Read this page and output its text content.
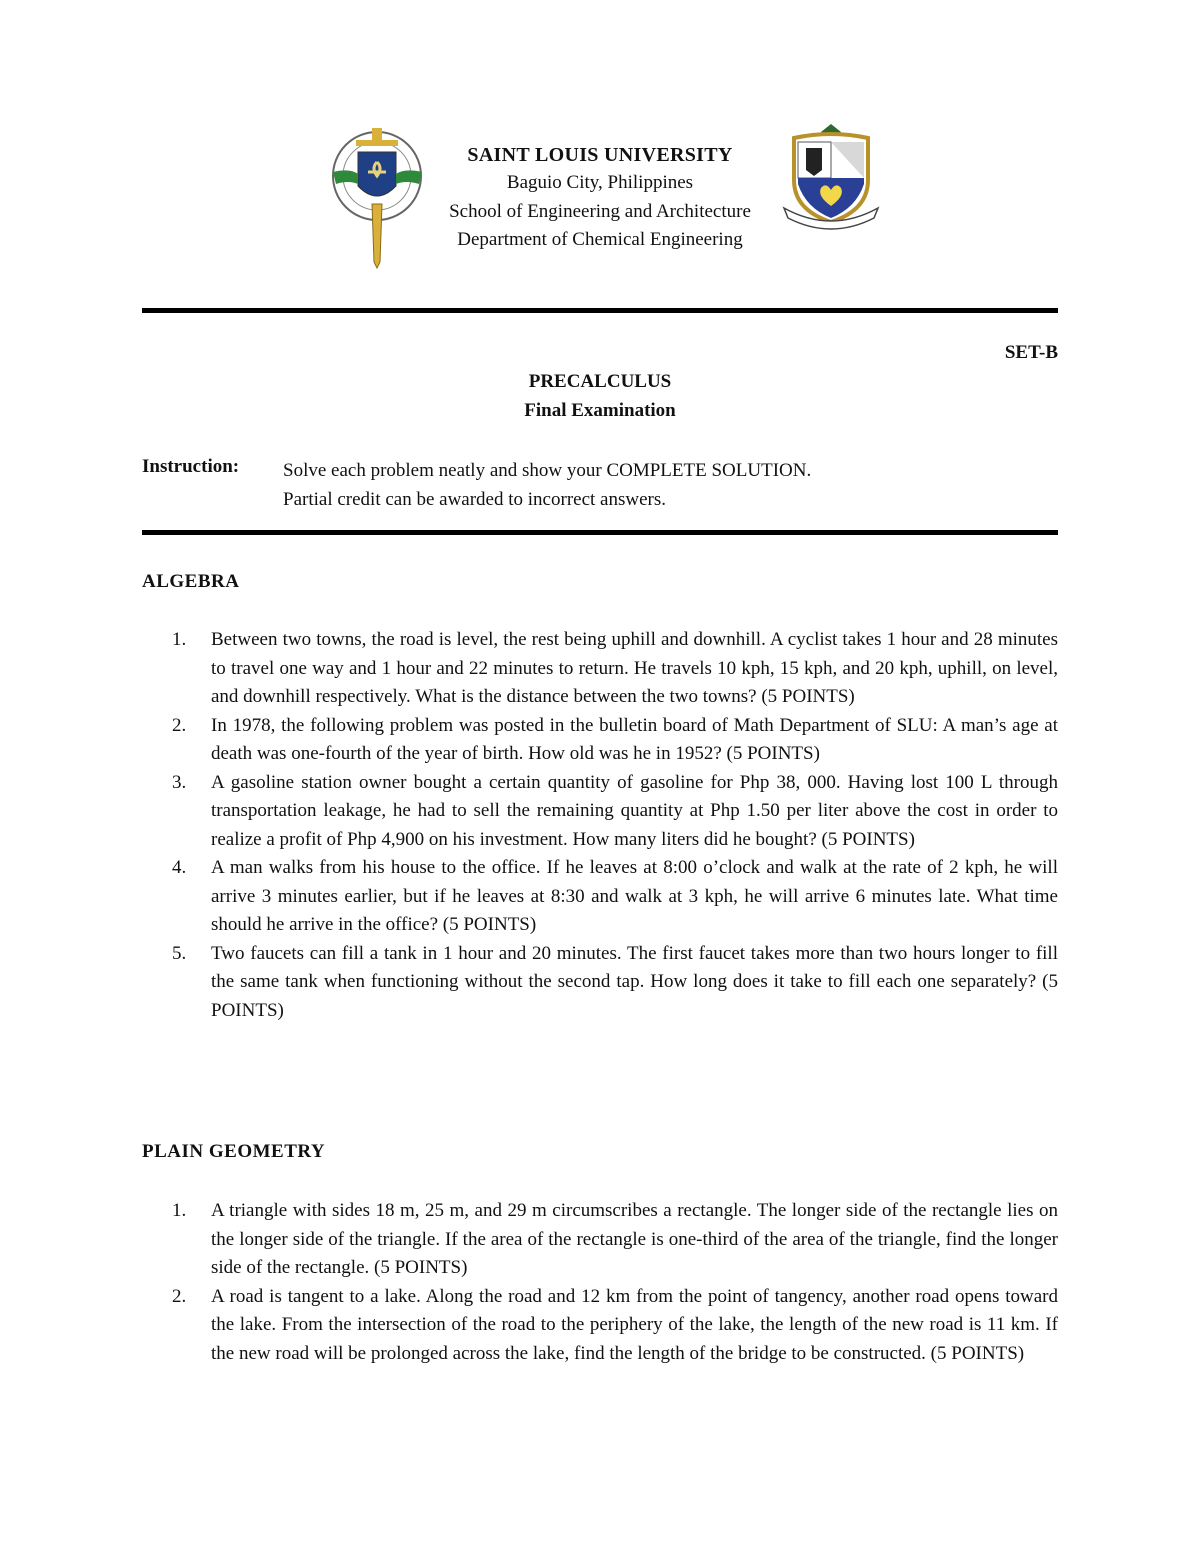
SAINT LOUIS UNIVERSITY
Baguio City, Philippines
School of Engineering and Architecture
Department of Chemical Engineering
SET-B
PRECALCULUS
Final Examination
Instruction: Solve each problem neatly and show your COMPLETE SOLUTION.
Partial credit can be awarded to incorrect answers.
ALGEBRA
1. Between two towns, the road is level, the rest being uphill and downhill. A cyclist takes 1 hour and 28 minutes to travel one way and 1 hour and 22 minutes to return. He travels 10 kph, 15 kph, and 20 kph, uphill, on level, and downhill respectively. What is the distance between the two towns? (5 POINTS)
2. In 1978, the following problem was posted in the bulletin board of Math Department of SLU: A man’s age at death was one-fourth of the year of birth. How old was he in 1952? (5 POINTS)
3. A gasoline station owner bought a certain quantity of gasoline for Php 38, 000. Having lost 100 L through transportation leakage, he had to sell the remaining quantity at Php 1.50 per liter above the cost in order to realize a profit of Php 4,900 on his investment. How many liters did he bought? (5 POINTS)
4. A man walks from his house to the office. If he leaves at 8:00 o’clock and walk at the rate of 2 kph, he will arrive 3 minutes earlier, but if he leaves at 8:30 and walk at 3 kph, he will arrive 6 minutes late. What time should he arrive in the office? (5 POINTS)
5. Two faucets can fill a tank in 1 hour and 20 minutes. The first faucet takes more than two hours longer to fill the same tank when functioning without the second tap. How long does it take to fill each one separately? (5 POINTS)
PLAIN GEOMETRY
1. A triangle with sides 18 m, 25 m, and 29 m circumscribes a rectangle. The longer side of the rectangle lies on the longer side of the triangle. If the area of the rectangle is one-third of the area of the triangle, find the longer side of the rectangle. (5 POINTS)
2. A road is tangent to a lake. Along the road and 12 km from the point of tangency, another road opens toward the lake. From the intersection of the road to the periphery of the lake, the length of the new road is 11 km. If the new road will be prolonged across the lake, find the length of the bridge to be constructed. (5 POINTS)
